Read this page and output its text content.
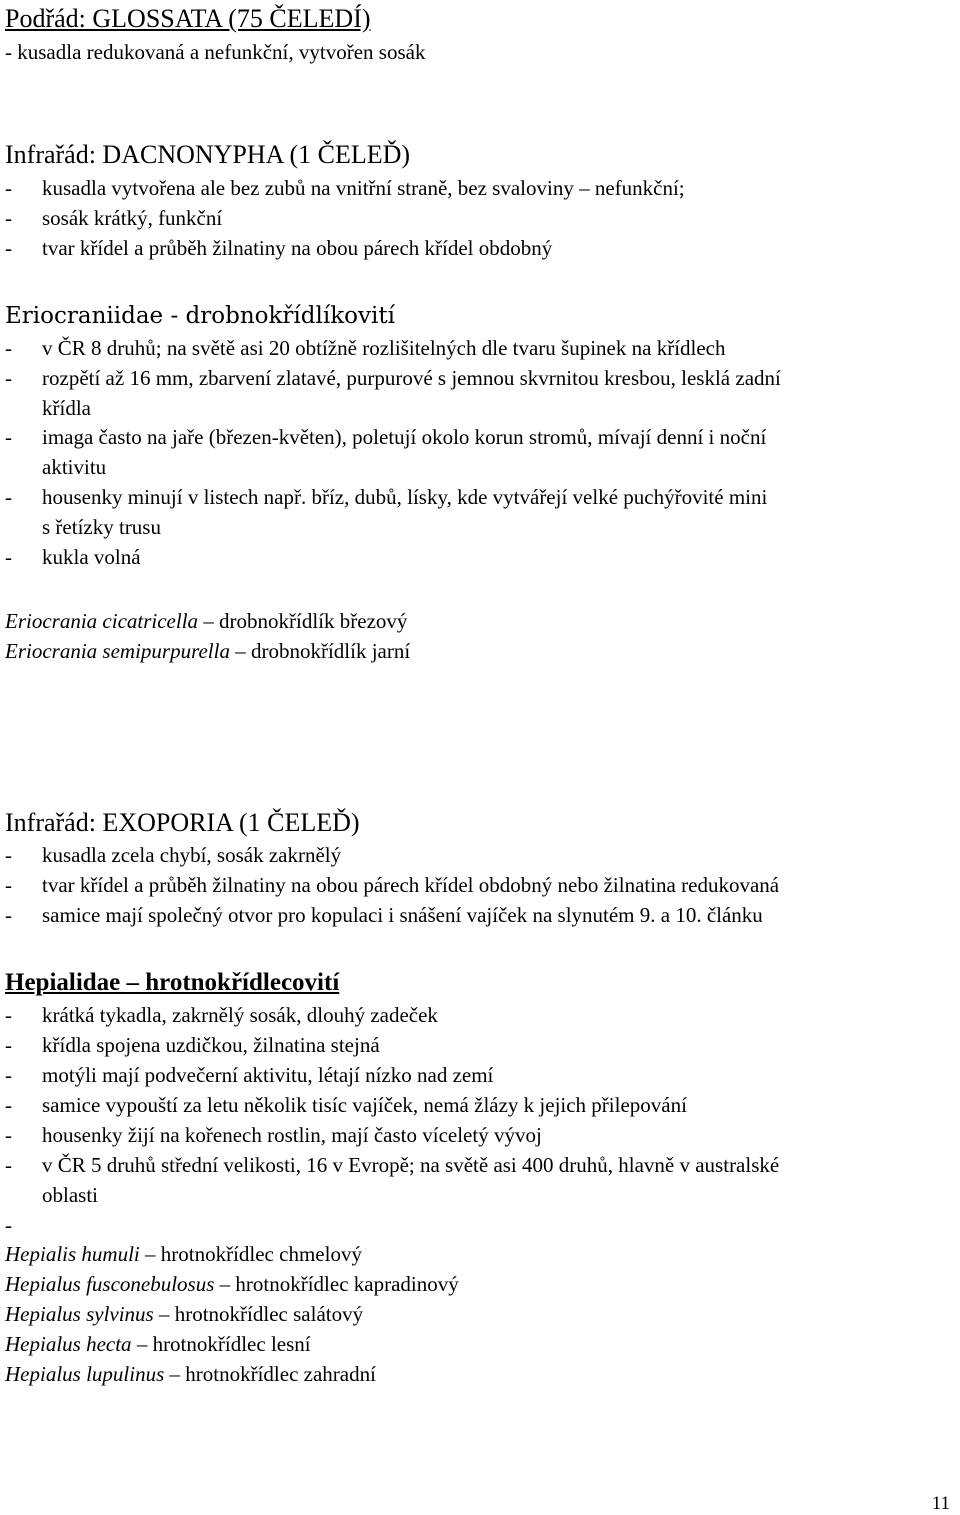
Podřád: GLOSSATA (75 ČELEDÍ)
- kusadla redukovaná a nefunkční, vytvořen sosák
Infrařád: DACNONYPHA (1 ČELEĎ)
- kusadla vytvořena ale bez zubů na vnitřní straně, bez svaloviny – nefunkční;
- sosák krátký, funkční
- tvar křídel a průběh žilnatiny na obou párech křídel obdobný
Eriocraniidae - drobnokřídlíkovití
- v ČR 8 druhů; na světě asi 20 obtížně rozlišitelných dle tvaru šupinek na křídlech
- rozpětí až 16 mm, zbarvení zlatavé, purpurové s jemnou skvrnitou kresbou, lesklá zadní
křídla
- imaga často na jaře (březen-květen), poletují okolo korun stromů, mívají denní i noční
aktivitu
- housenky minují v listech např. bříz, dubů, lísky, kde vytvářejí velké puchýřovité mini
s řetízky trusu
- kukla volná
Eriocrania cicatricella – drobnokřídlík březový
Eriocrania semipurpurella – drobnokřídlík jarní
Infrařád: EXOPORIA (1 ČELEĎ)
- kusadla zcela chybí, sosák zakrnělý
- tvar křídel a průběh žilnatiny na obou párech křídel obdobný nebo žilnatina redukovaná
- samice mají společný otvor pro kopulaci i snášení vajíček na slynutém 9. a 10. článku
Hepialidae – hrotnokřídlecovití
- krátká tykadla, zakrnělý sosák, dlouhý zadeček
- křídla spojena uzdičkou, žilnatina stejná
- motýli mají podvečerní aktivitu, létají nízko nad zemí
- samice vypouští za letu několik tisíc vajíček, nemá žlázy k jejich přilepování
- housenky žijí na kořenech rostlin, mají často víceletý vývoj
- v ČR 5 druhů střední velikosti, 16 v Evropě; na světě asi 400 druhů, hlavně v australské
oblasti
-
Hepialis humuli – hrotnokřídlec chmelový
Hepialus fusconebulosus – hrotnokřídlec kapradinový
Hepialus sylvinus – hrotnokřídlec salátový
Hepialus hecta – hrotnokřídlec lesní
Hepialus lupulinus – hrotnokřídlec zahradní
11
